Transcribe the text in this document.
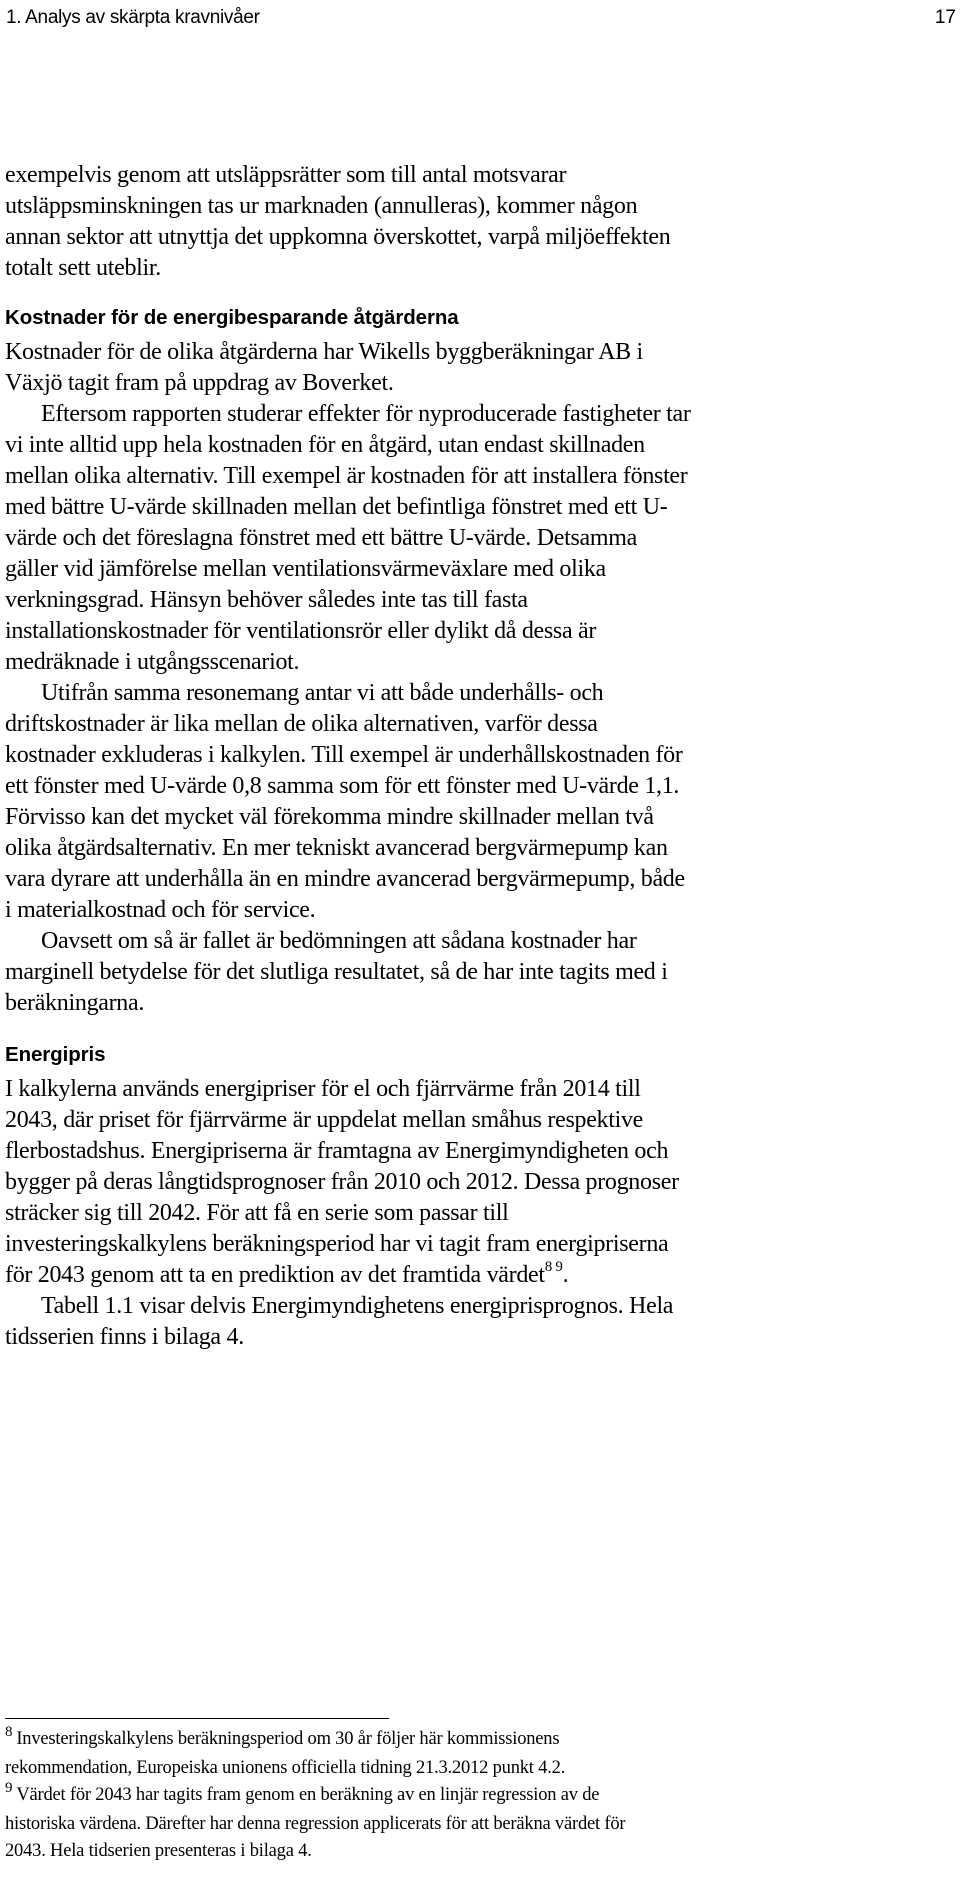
1. Analys av skärpta kravnivåer	17

exempelvis genom att utsläppsrätter som till antal motsvarar
utsläppsminskningen tas ur marknaden (annulleras), kommer någon
annan sektor att utnyttja det uppkomna överskottet, varpå miljöeffekten
totalt sett uteblir.

Kostnader för de energibesparande åtgärderna

Kostnader för de olika åtgärderna har Wikells byggberäkningar AB i
Växjö tagit fram på uppdrag av Boverket.

Eftersom rapporten studerar effekter för nyproducerade fastigheter tar
vi inte alltid upp hela kostnaden för en åtgärd, utan endast skillnaden
mellan olika alternativ. Till exempel är kostnaden för att installera fönster
med bättre U-värde skillnaden mellan det befintliga fönstret med ett U-
värde och det föreslagna fönstret med ett bättre U-värde. Detsamma
gäller vid jämförelse mellan ventilationsvärmeväxlare med olika
verkningsgrad. Hänsyn behöver således inte tas till fasta
installationskostnader för ventilationsrör eller dylikt då dessa är
medräknade i utgångsscenariot.

Utifrån samma resonemang antar vi att både underhålls- och
driftskostnader är lika mellan de olika alternativen, varför dessa
kostnader exkluderas i kalkylen. Till exempel är underhållskostnaden för
ett fönster med U-värde 0,8 samma som för ett fönster med U-värde 1,1.
Förvisso kan det mycket väl förekomma mindre skillnader mellan två
olika åtgärdsalternativ. En mer tekniskt avancerad bergvärmepump kan
vara dyrare att underhålla än en mindre avancerad bergvärmepump, både
i materialkostnad och för service.

Oavsett om så är fallet är bedömningen att sådana kostnader har
marginell betydelse för det slutliga resultatet, så de har inte tagits med i
beräkningarna.

Energipris

I kalkylerna används energipriser för el och fjärrvärme från 2014 till
2043, där priset för fjärrvärme är uppdelat mellan småhus respektive
flerbostadshus. Energipriserna är framtagna av Energimyndigheten och
bygger på deras långtidsprognoser från 2010 och 2012. Dessa prognoser
sträcker sig till 2042. För att få en serie som passar till
investeringskalkylens beräkningsperiod har vi tagit fram energipriserna
för 2043 genom att ta en prediktion av det framtida värdet$^{8 9}$.

Tabell 1.1 visar delvis Energimyndighetens energiprisprognos. Hela
tidsserien finns i bilaga 4.

$^8$ Investeringskalkylens beräkningsperiod om 30 år följer här kommissionens
rekommendation, Europeiska unionens officiella tidning 21.3.2012 punkt 4.2.

$^9$ Värdet för 2043 har tagits fram genom en beräkning av en linjär regression av de
historiska värdena. Därefter har denna regression applicerats för att beräkna värdet för
2043. Hela tidserien presenteras i bilaga 4.
